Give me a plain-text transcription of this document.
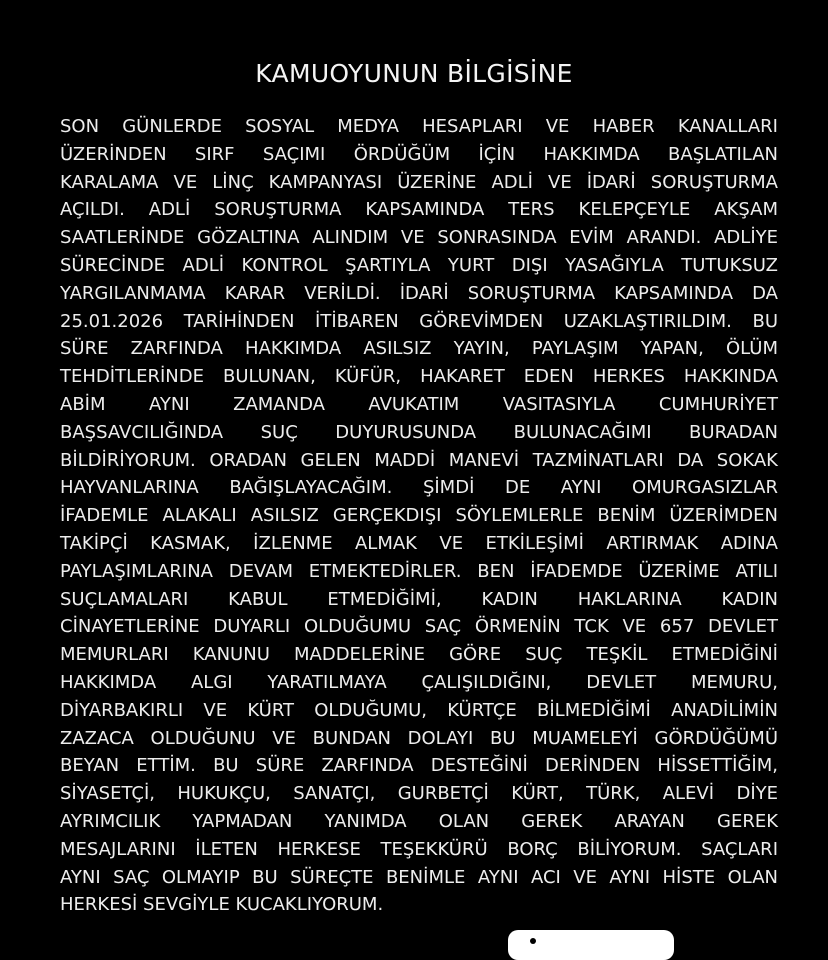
KAMUOYUNUN BİLGİSİNE
SON GÜNLERDE SOSYAL MEDYA HESAPLARI VE HABER KANALLARI
ÜZERİNDEN SIRF SAÇIMI ÖRDÜĞÜM İÇİN HAKKIMDA BAŞLATILAN
KARALAMA VE LİNÇ KAMPANYASI ÜZERİNE ADLİ VE İDARİ SORUŞTURMA
AÇILDI. ADLİ SORUŞTURMA KAPSAMINDA TERS KELEPÇEYLE AKŞAM
SAATLERİNDE GÖZALTINA ALINDIM VE SONRASINDA EVİM ARANDI. ADLİYE
SÜRECİNDE ADLİ KONTROL ŞARTIYLA YURT DIŞI YASAĞIYLA TUTUKSUZ
YARGILANMAMA KARAR VERİLDİ. İDARİ SORUŞTURMA KAPSAMINDA DA
25.01.2026 TARİHİNDEN İTİBAREN GÖREVİMDEN UZAKLAŞTIRILDIM. BU
SÜRE ZARFINDA HAKKIMDA ASILSIZ YAYIN, PAYLAŞIM YAPAN, ÖLÜM
TEHDİTLERİNDE BULUNAN, KÜFÜR, HAKARET EDEN HERKES HAKKINDA
ABİM AYNI ZAMANDA AVUKATIM VASITASIYLA CUMHURİYET
BAŞSAVCILIĞINDA SUÇ DUYURUSUNDA BULUNACAĞIMI BURADAN
BİLDİRİYORUM. ORADAN GELEN MADDİ MANEVİ TAZMİNATLARI DA SOKAK
HAYVANLARINA BAĞIŞLAYACAĞIM. ŞİMDİ DE AYNI OMURGASIZLAR
İFADEMLE ALAKALI ASILSIZ GERÇEKDIŞI SÖYLEMLERLE BENİM ÜZERİMDEN
TAKİPÇİ KASMAK, İZLENME ALMAK VE ETKİLEŞİMİ ARTIRMAK ADINA
PAYLAŞIMLARINA DEVAM ETMEKTEDİRLER. BEN İFADEMDE ÜZERİME ATILI
SUÇLAMALARI KABUL ETMEDİĞİMİ, KADIN HAKLARINA KADIN
CİNAYETLERİNE DUYARLI OLDUĞUMU SAÇ ÖRMENİN TCK VE 657 DEVLET
MEMURLARI KANUNU MADDELERİNE GÖRE SUÇ TEŞKİL ETMEDİĞİNİ
HAKKIMDA ALGI YARATILMAYA ÇALIŞILDIĞINI, DEVLET MEMURU,
DİYARBAKIRLI VE KÜRT OLDUĞUMU, KÜRTÇE BİLMEDİĞİMİ ANADİLİMİN
ZAZACA OLDUĞUNU VE BUNDAN DOLAYI BU MUAMELEYİ GÖRDÜĞÜMÜ
BEYAN ETTİM. BU SÜRE ZARFINDA DESTEĞİNİ DERİNDEN HİSSETTİĞİM,
SİYASETÇİ, HUKUKÇU, SANATÇI, GURBETÇİ KÜRT, TÜRK, ALEVİ DİYE
AYRIMCILIK YAPMADAN YANIMDA OLAN GEREK ARAYAN GEREK
MESAJLARINI İLETEN HERKESE TEŞEKKÜRÜ BORÇ BİLİYORUM. SAÇLARI
AYNI SAÇ OLMAYIP BU SÜREÇTE BENİMLE AYNI ACI VE AYNI HİSTE OLAN
HERKESİ SEVGİYLE KUCAKLIYORUM.
